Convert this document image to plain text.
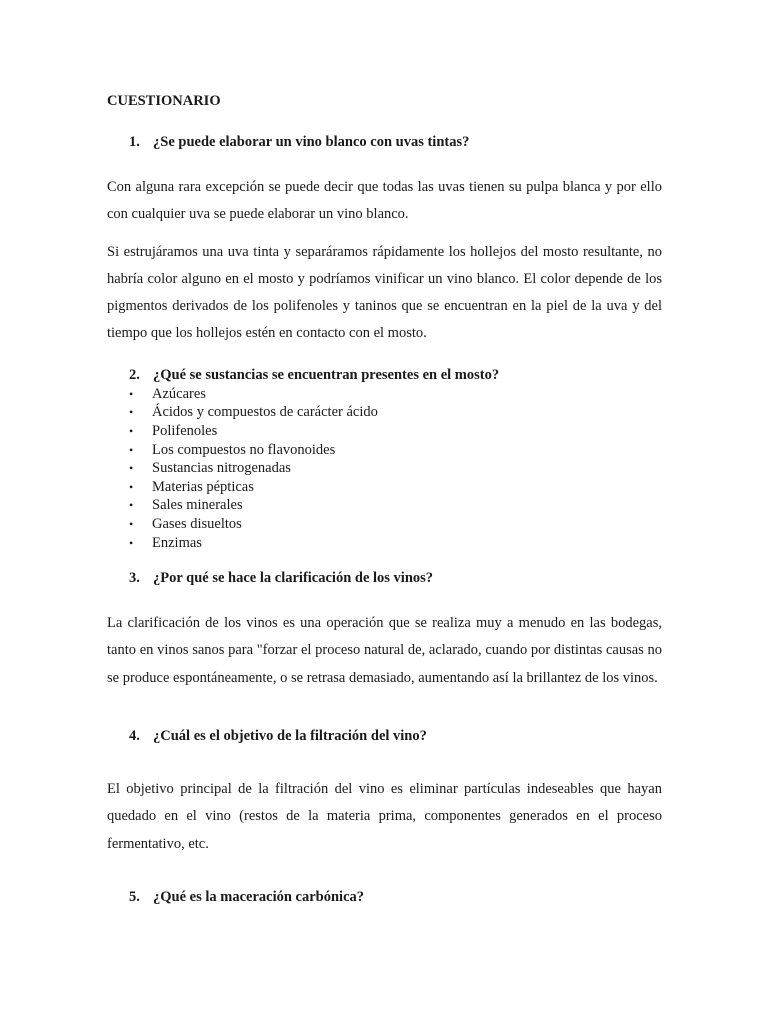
CUESTIONARIO
1. ¿Se puede elaborar un vino blanco con uvas tintas?

Con alguna rara excepción se puede decir que todas las uvas tienen su pulpa blanca y por ello con cualquier uva se puede elaborar un vino blanco.

Si estrujáramos una uva tinta y separáramos rápidamente los hollejos del mosto resultante, no habría color alguno en el mosto y podríamos vinificar un vino blanco. El color depende de los pigmentos derivados de los polifenoles y taninos que se encuentran en la piel de la uva y del tiempo que los hollejos estén en contacto con el mosto.

2. ¿Qué se sustancias se encuentran presentes en el mosto?
•	Azúcares
•	Ácidos y compuestos de carácter ácido
•	Polifenoles
•	Los compuestos no flavonoides
•	Sustancias nitrogenadas
•	Materias pépticas
•	Sales minerales
•	Gases disueltos
•	Enzimas
3. ¿Por qué se hace la clarificación de los vinos?

La clarificación de los vinos es una operación que se realiza muy a menudo en las bodegas, tanto en vinos sanos para "forzar el proceso natural de, aclarado, cuando por distintas causas no se produce espontáneamente, o se retrasa demasiado, aumentando así la brillantez de los vinos.

4. ¿Cuál es el objetivo de la filtración del vino?

El objetivo principal de la filtración del vino es eliminar partículas indeseables que hayan quedado en el vino (restos de la materia prima, componentes generados en el proceso fermentativo, etc.

5. ¿Qué es la maceración carbónica?
